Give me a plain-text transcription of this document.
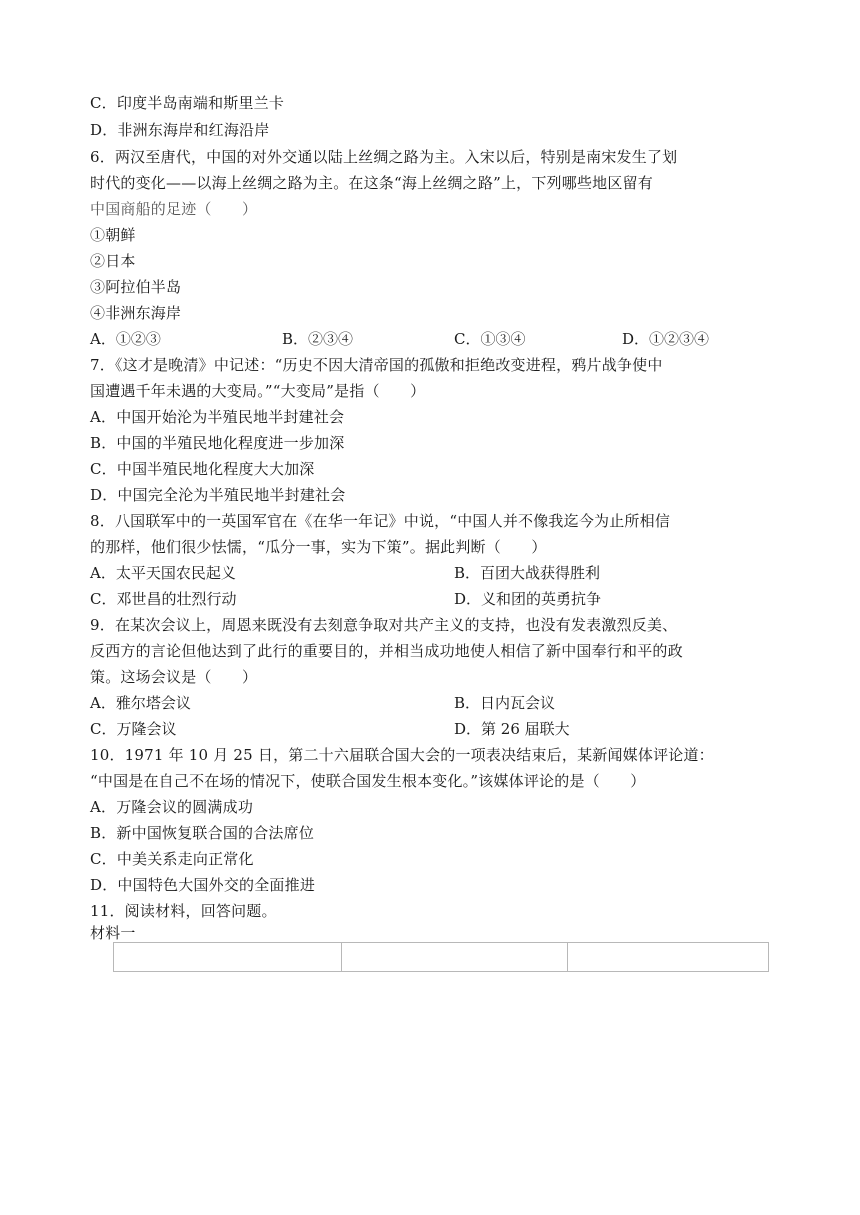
C．印度半岛南端和斯里兰卡
D．非洲东海岸和红海沿岸
6．两汉至唐代，中国的对外交通以陆上丝绸之路为主。入宋以后，特别是南宋发生了划
时代的变化——以海上丝绸之路为主。在这条“海上丝绸之路”上，下列哪些地区留有
中国商船的足迹（　　）
①朝鲜
②日本
③阿拉伯半岛
④非洲东海岸
A．①②③	B．②③④	C．①③④	D．①②③④
7．《这才是晚清》中记述：“历史不因大清帝国的孤傲和拒绝改变进程，鸦片战争使中
国遭遇千年未遇的大变局。”“大变局”是指（　　）
A．中国开始沦为半殖民地半封建社会
B．中国的半殖民地化程度进一步加深
C．中国半殖民地化程度大大加深
D．中国完全沦为半殖民地半封建社会
8．八国联军中的一英国军官在《在华一年记》中说，“中国人并不像我迄今为止所相信
的那样，他们很少怯懦，“瓜分一事，实为下策”。据此判断（　　）
A．太平天国农民起义	B．百团大战获得胜利
C．邓世昌的壮烈行动	D．义和团的英勇抗争
9．在某次会议上，周恩来既没有去刻意争取对共产主义的支持，也没有发表激烈反美、
反西方的言论但他达到了此行的重要目的，并相当成功地使人相信了新中国奉行和平的政
策。这场会议是（　　）
A．雅尔塔会议	B．日内瓦会议
C．万隆会议	D．第 26 届联大
10．1971 年 10 月 25 日，第二十六届联合国大会的一项表决结束后，某新闻媒体评论道：
“中国是在自己不在场的情况下，使联合国发生根本变化。”该媒体评论的是（　　）
A．万隆会议的圆满成功
B．新中国恢复联合国的合法席位
C．中美关系走向正常化
D．中国特色大国外交的全面推进
11．阅读材料，回答问题。
材料一
